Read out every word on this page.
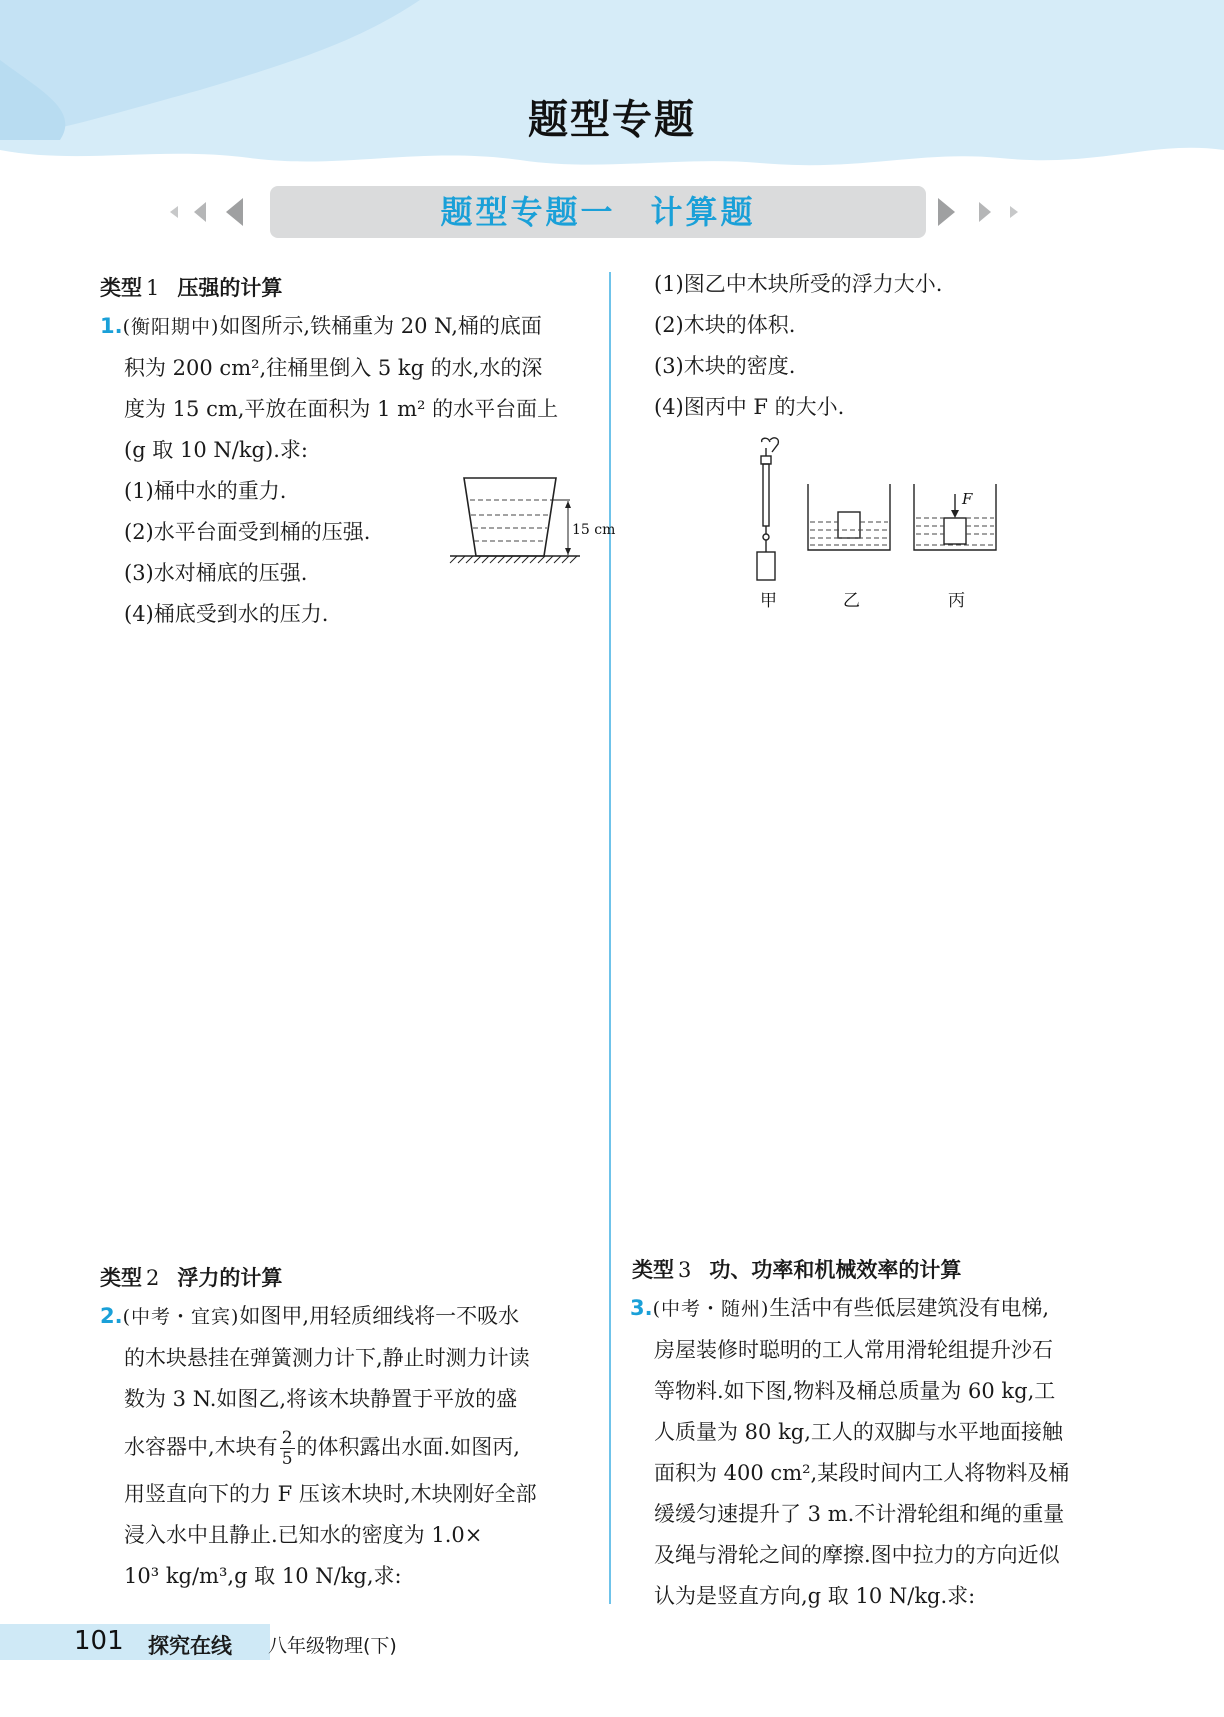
题型专题
题型专题一　计算题
类型 1 压强的计算
1.(衡阳期中)如图所示,铁桶重为 20 N,桶的底面
积为 200 cm²,往桶里倒入 5 kg 的水,水的深
度为 15 cm,平放在面积为 1 m² 的水平台面上
(g 取 10 N/kg).求:
(1)桶中水的重力.
(2)水平台面受到桶的压强.
(3)水对桶底的压强.
(4)桶底受到水的压力.
15 cm
类型 2 浮力的计算
2.(中考・宜宾)如图甲,用轻质细线将一不吸水
的木块悬挂在弹簧测力计下,静止时测力计读
数为 3 N.如图乙,将该木块静置于平放的盛
水容器中,木块有 $\frac{2}{5}$ 的体积露出水面.如图丙,
用竖直向下的力 F 压该木块时,木块刚好全部
浸入水中且静止.已知水的密度为 1.0×
10³ kg/m³,g 取 10 N/kg,求:
(1)图乙中木块所受的浮力大小.
(2)木块的体积.
(3)木块的密度.
(4)图丙中 F 的大小.
F
甲	乙	丙
类型 3 功、功率和机械效率的计算
3.(中考・随州)生活中有些低层建筑没有电梯,
房屋装修时聪明的工人常用滑轮组提升沙石
等物料.如下图,物料及桶总质量为 60 kg,工
人质量为 80 kg,工人的双脚与水平地面接触
面积为 400 cm²,某段时间内工人将物料及桶
缓缓匀速提升了 3 m.不计滑轮组和绳的重量
及绳与滑轮之间的摩擦.图中拉力的方向近似
认为是竖直方向,g 取 10 N/kg.求:
101 探究在线 八年级物理(下)
